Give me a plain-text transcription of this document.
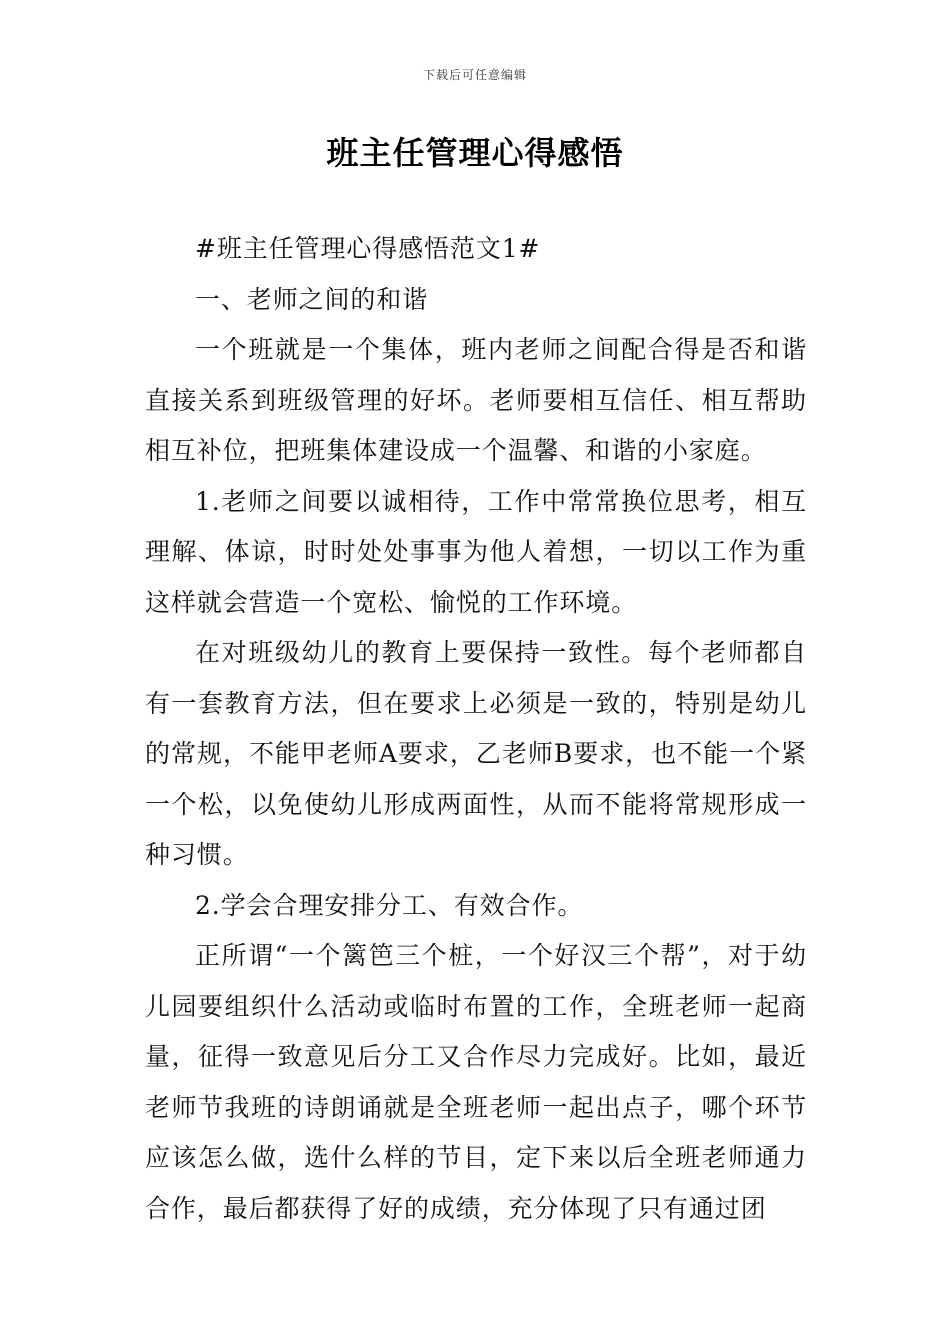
下载后可任意编辑
班主任管理心得感悟

#班主任管理心得感悟范文1#

一、老师之间的和谐

一个班就是一个集体，班内老师之间配合得是否和谐直接关系到班级管理的好坏。老师要相互信任、相互帮助相互补位，把班集体建设成一个温馨、和谐的小家庭。

1.老师之间要以诚相待，工作中常常换位思考，相互理解、体谅，时时处处事事为他人着想，一切以工作为重这样就会营造一个宽松、愉悦的工作环境。

在对班级幼儿的教育上要保持一致性。每个老师都自有一套教育方法，但在要求上必须是一致的，特别是幼儿的常规，不能甲老师A要求，乙老师B要求，也不能一个紧一个松，以免使幼儿形成两面性，从而不能将常规形成一种习惯。

2.学会合理安排分工、有效合作。

正所谓“一个篱笆三个桩，一个好汉三个帮”，对于幼儿园要组织什么活动或临时布置的工作，全班老师一起商量，征得一致意见后分工又合作尽力完成好。比如，最近老师节我班的诗朗诵就是全班老师一起出点子，哪个环节应该怎么做，选什么样的节目，定下来以后全班老师通力合作，最后都获得了好的成绩，充分体现了只有通过团
